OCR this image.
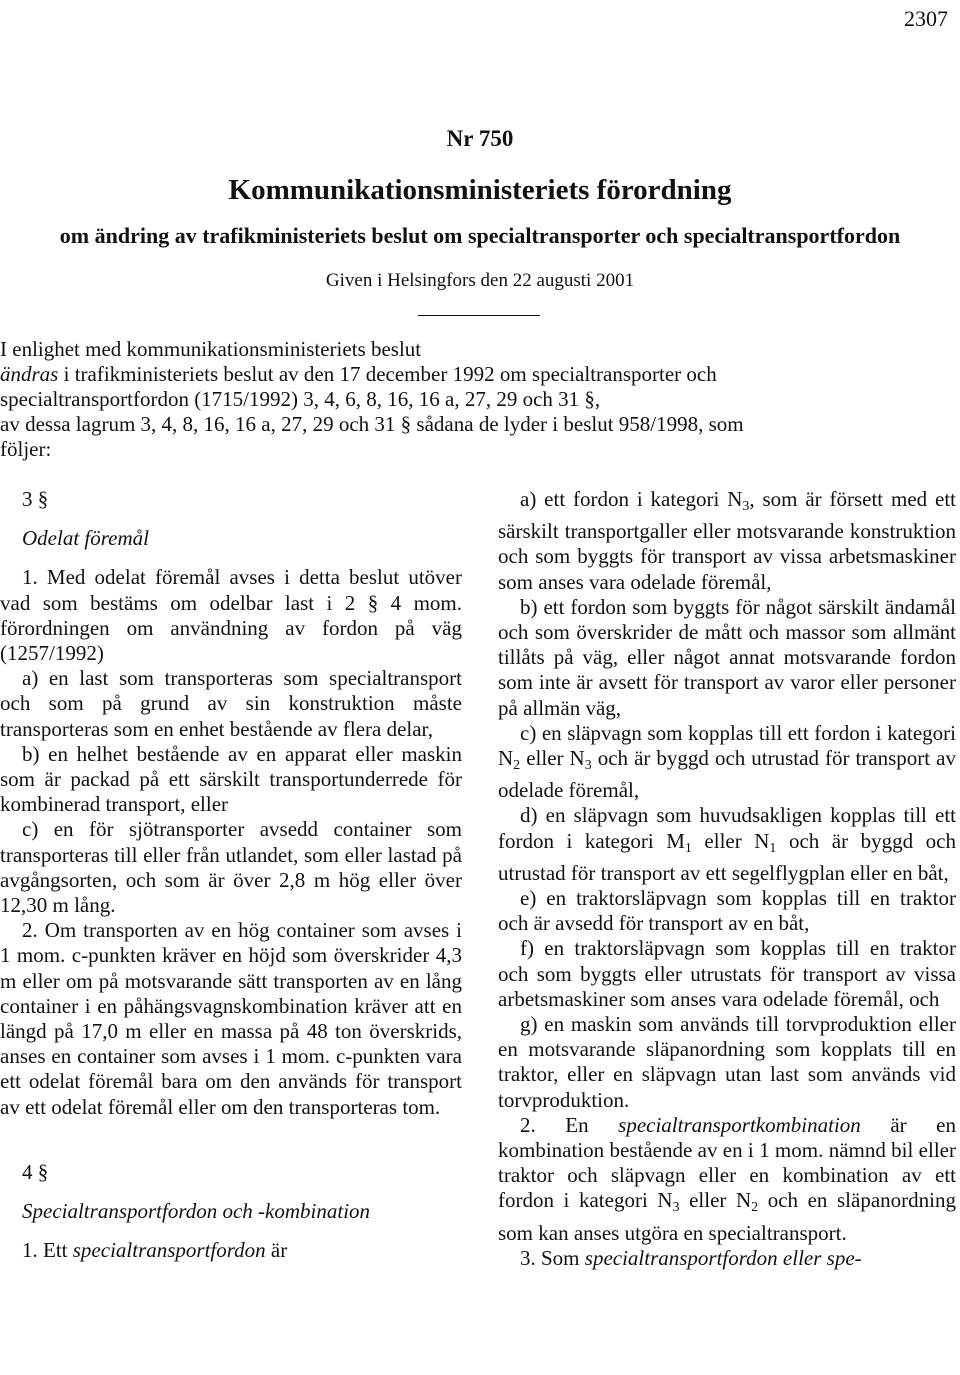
2307
Nr 750
Kommunikationsministeriets förordning
om ändring av trafikministeriets beslut om specialtransporter och specialtransportfordon
Given i Helsingfors den 22 augusti 2001

I enlighet med kommunikationsministeriets beslut

ändras i trafikministeriets beslut av den 17 december 1992 om specialtransporter och

specialtransportfordon (1715/1992) 3, 4, 6, 8, 16, 16 a, 27, 29 och 31 §,

av dessa lagrum 3, 4, 8, 16, 16 a, 27, 29 och 31 § sådana de lyder i beslut 958/1998, som

följer:

3 §

Odelat föremål

1. Med odelat föremål avses i detta beslut utöver vad som bestäms om odelbar last i 2 § 4 mom. förordningen om användning av fordon på väg (1257/1992)

a) en last som transporteras som specialtransport och som på grund av sin konstruktion måste transporteras som en enhet bestående av flera delar,

b) en helhet bestående av en apparat eller maskin som är packad på ett särskilt transportunderrede för kombinerad transport, eller

c) en för sjötransporter avsedd container som transporteras till eller från utlandet, som eller lastad på avgångsorten, och som är över 2,8 m hög eller över 12,30 m lång.

2. Om transporten av en hög container som avses i 1 mom. c-punkten kräver en höjd som överskrider 4,3 m eller om på motsvarande sätt transporten av en lång container i en påhängsvagnskombination kräver att en längd på 17,0 m eller en massa på 48 ton överskrids, anses en container som avses i 1 mom. c-punkten vara ett odelat föremål bara om den används för transport av ett odelat föremål eller om den transporteras tom.

4 §

Specialtransportfordon och -kombination

1. Ett specialtransportfordon är

a) ett fordon i kategori $N_3$, som är försett med ett särskilt transportgaller eller motsvarande konstruktion och som byggts för transport av vissa arbetsmaskiner som anses vara odelade föremål,

b) ett fordon som byggts för något särskilt ändamål och som överskrider de mått och massor som allmänt tillåts på väg, eller något annat motsvarande fordon som inte är avsett för transport av varor eller personer på allmän väg,

c) en släpvagn som kopplas till ett fordon i kategori $N_2$ eller $N_3$ och är byggd och utrustad för transport av odelade föremål,

d) en släpvagn som huvudsakligen kopplas till ett fordon i kategori $M_1$ eller $N_1$ och är byggd och utrustad för transport av ett segelflygplan eller en båt,

e) en traktorsläpvagn som kopplas till en traktor och är avsedd för transport av en båt,

f) en traktorsläpvagn som kopplas till en traktor och som byggts eller utrustats för transport av vissa arbetsmaskiner som anses vara odelade föremål, och

g) en maskin som används till torvproduktion eller en motsvarande släpanordning som kopplats till en traktor, eller en släpvagn utan last som används vid torvproduktion.

2. En specialtransportkombination är en kombination bestående av en i 1 mom. nämnd bil eller traktor och släpvagn eller en kombination av ett fordon i kategori $N_3$ eller $N_2$ och en släpanordning som kan anses utgöra en specialtransport.

3. Som specialtransportfordon eller spe-
